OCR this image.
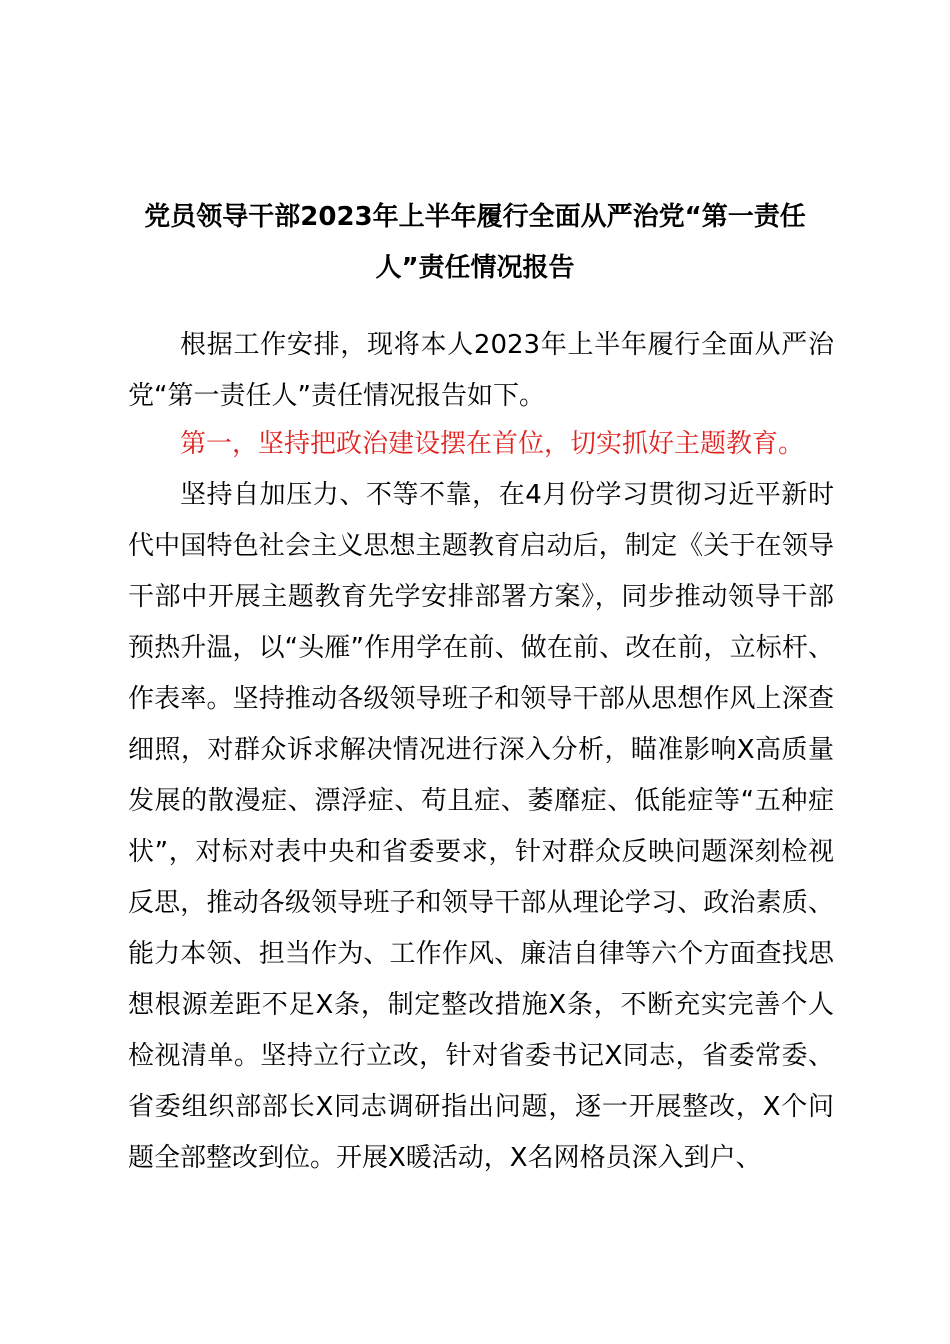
党员领导干部2023年上半年履行全面从严治党“第一责任人”责任情况报告

根据工作安排，现将本人2023年上半年履行全面从严治党“第一责任人”责任情况报告如下。

第一，坚持把政治建设摆在首位，切实抓好主题教育。

坚持自加压力、不等不靠，在4月份学习贯彻习近平新时代中国特色社会主义思想主题教育启动后，制定《关于在领导干部中开展主题教育先学安排部署方案》，同步推动领导干部预热升温，以“头雁”作用学在前、做在前、改在前，立标杆、作表率。坚持推动各级领导班子和领导干部从思想作风上深查细照，对群众诉求解决情况进行深入分析，瞄准影响X高质量发展的散漫症、漂浮症、苟且症、萎靡症、低能症等“五种症状”，对标对表中央和省委要求，针对群众反映问题深刻检视反思，推动各级领导班子和领导干部从理论学习、政治素质、能力本领、担当作为、工作作风、廉洁自律等六个方面查找思想根源差距不足X条，制定整改措施X条，不断充实完善个人检视清单。坚持立行立改，针对省委书记X同志，省委常委、省委组织部部长X同志调研指出问题，逐一开展整改，X个问题全部整改到位。开展X暖活动，X名网格员深入到户、
